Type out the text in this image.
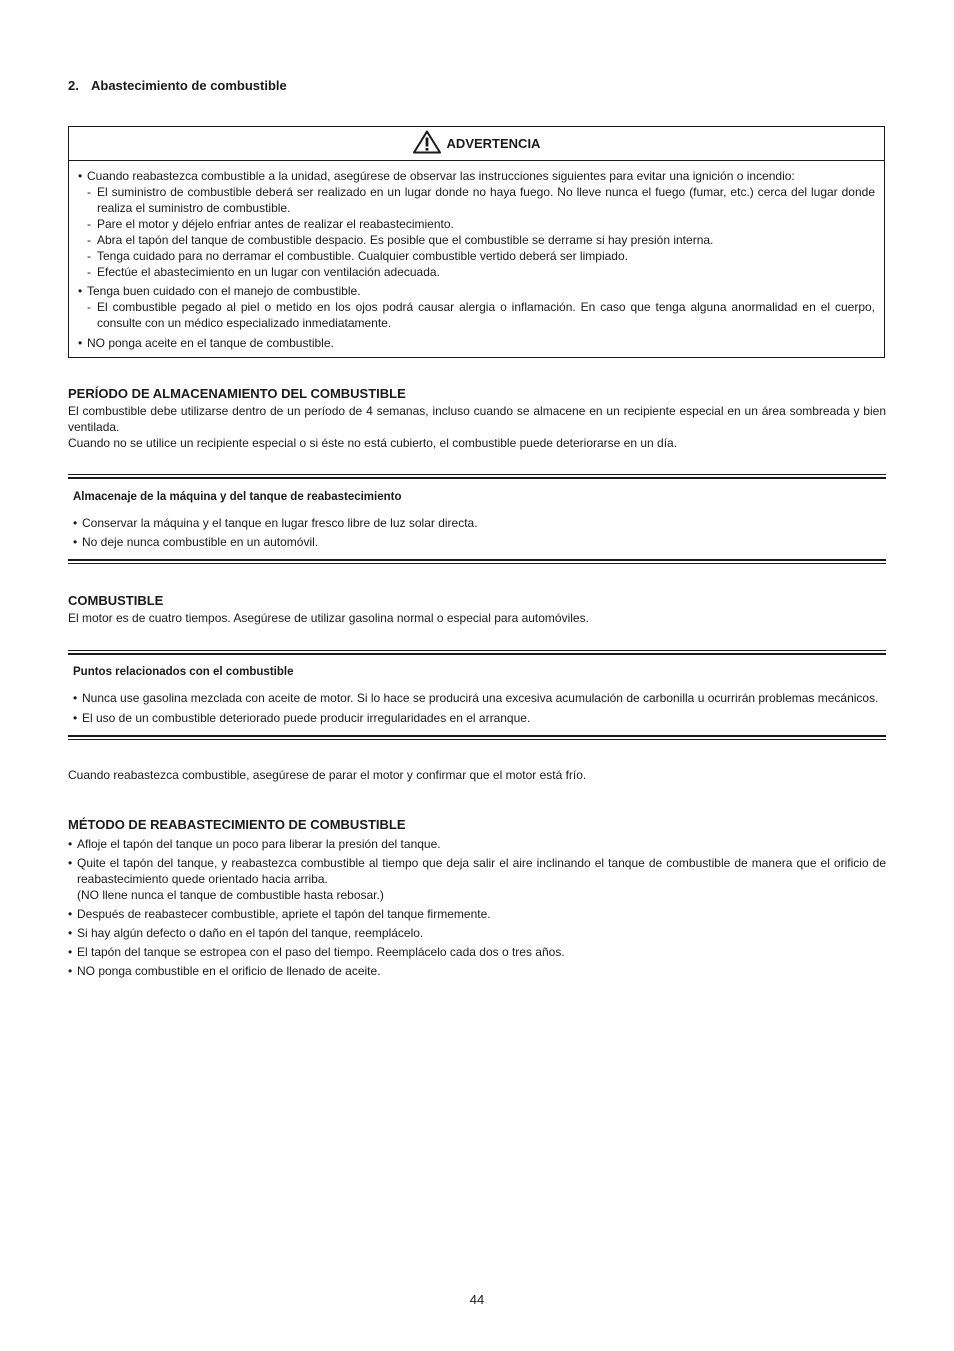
2. Abastecimiento de combustible
ADVERTENCIA
• Cuando reabastezca combustible a la unidad, asegúrese de observar las instrucciones siguientes para evitar una ignición o incendio:
- El suministro de combustible deberá ser realizado en un lugar donde no haya fuego. No lleve nunca el fuego (fumar, etc.) cerca del lugar donde realiza el suministro de combustible.
- Pare el motor y déjelo enfriar antes de realizar el reabastecimiento.
- Abra el tapón del tanque de combustible despacio. Es posible que el combustible se derrame si hay presión interna.
- Tenga cuidado para no derramar el combustible. Cualquier combustible vertido deberá ser limpiado.
- Efectúe el abastecimiento en un lugar con ventilación adecuada.
• Tenga buen cuidado con el manejo de combustible.
- El combustible pegado al piel o metido en los ojos podrá causar alergia o inflamación. En caso que tenga alguna anormalidad en el cuerpo, consulte con un médico especializado inmediatamente.
• NO ponga aceite en el tanque de combustible.
PERÍODO DE ALMACENAMIENTO DEL COMBUSTIBLE

El combustible debe utilizarse dentro de un período de 4 semanas, incluso cuando se almacene en un recipiente especial en un área sombreada y bien ventilada.

Cuando no se utilice un recipiente especial o si éste no está cubierto, el combustible puede deteriorarse en un día.

Almacenaje de la máquina y del tanque de reabastecimiento
• Conservar la máquina y el tanque en lugar fresco libre de luz solar directa.
• No deje nunca combustible en un automóvil.
COMBUSTIBLE
El motor es de cuatro tiempos. Asegúrese de utilizar gasolina normal o especial para automóviles.
Puntos relacionados con el combustible
• Nunca use gasolina mezclada con aceite de motor. Si lo hace se producirá una excesiva acumulación de carbonilla u ocurrirán problemas mecánicos.
• El uso de un combustible deteriorado puede producir irregularidades en el arranque.
Cuando reabastezca combustible, asegúrese de parar el motor y confirmar que el motor está frío.
MÉTODO DE REABASTECIMIENTO DE COMBUSTIBLE
• Afloje el tapón del tanque un poco para liberar la presión del tanque.
• Quite el tapón del tanque, y reabastezca combustible al tiempo que deja salir el aire inclinando el tanque de combustible de manera que el orificio de reabastecimiento quede orientado hacia arriba.
(NO llene nunca el tanque de combustible hasta rebosar.)
• Después de reabastecer combustible, apriete el tapón del tanque firmemente.
• Si hay algún defecto o daño en el tapón del tanque, reemplácelo.
• El tapón del tanque se estropea con el paso del tiempo. Reemplácelo cada dos o tres años.
• NO ponga combustible en el orificio de llenado de aceite.
44
